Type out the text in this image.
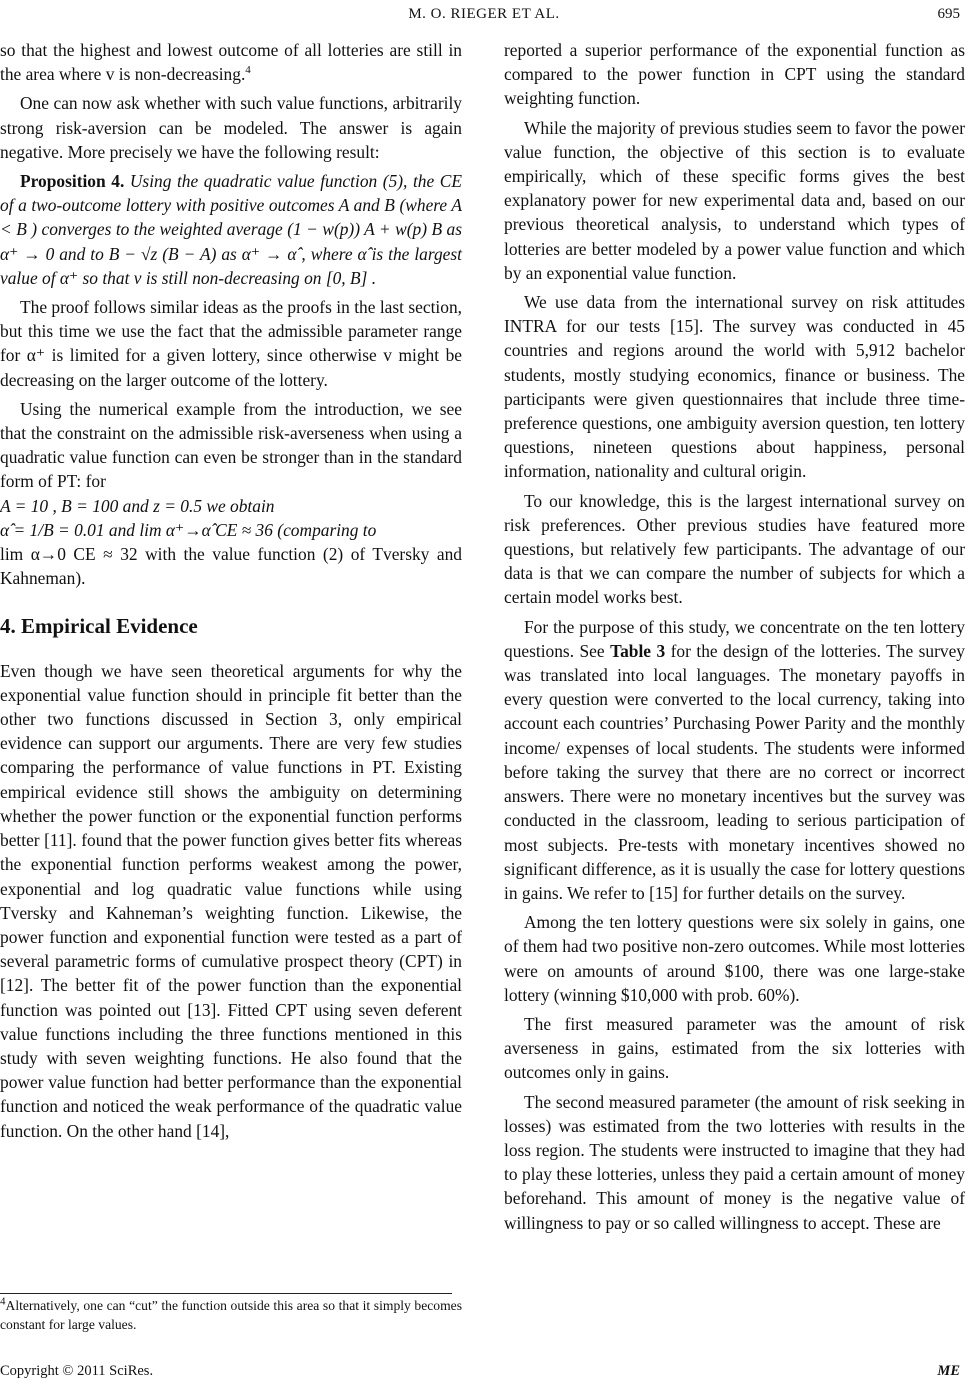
M. O. RIEGER ET AL.	695

so that the highest and lowest outcome of all lotteries are still in the area where v is non-decreasing.$^4$

One can now ask whether with such value functions, arbitrarily strong risk-aversion can be modeled. The answer is again negative. More precisely we have the following result:

Proposition 4. Using the quadratic value function (5), the CE of a two-outcome lottery with positive outcomes A and B (where A < B ) converges to the weighted average (1 − w(p)) A + w(p) B as α⁺ → 0 and to B − √z (B − A) as α⁺ → α̂ , where α̂ is the largest value of α⁺ so that v is still non-decreasing on [0, B] .

The proof follows similar ideas as the proofs in the last section, but this time we use the fact that the admissible parameter range for α⁺ is limited for a given lottery, since otherwise v might be decreasing on the larger outcome of the lottery.

Using the numerical example from the introduction, we see that the constraint on the admissible risk-averseness when using a quadratic value function can even be stronger than in the standard form of PT: for

A = 10 , B = 100 and z = 0.5 we obtain

α̂ = 1/B = 0.01 and lim α⁺→α̂ CE ≈ 36 (comparing to

lim α→0 CE ≈ 32 with the value function (2) of Tversky and Kahneman).

4. Empirical Evidence

Even though we have seen theoretical arguments for why the exponential value function should in principle fit better than the other two functions discussed in Section 3, only empirical evidence can support our arguments. There are very few studies comparing the performance of value functions in PT. Existing empirical evidence still shows the ambiguity on determining whether the power function or the exponential function performs better [11]. found that the power function gives better fits whereas the exponential function performs weakest among the power, exponential and log quadratic value functions while using Tversky and Kahneman’s weighting function. Likewise, the power function and exponential function were tested as a part of several parametric forms of cumulative prospect theory (CPT) in [12]. The better fit of the power function than the exponential function was pointed out [13]. Fitted CPT using seven deferent value functions including the three functions mentioned in this study with seven weighting functions. He also found that the power value function had better performance than the exponential function and noticed the weak performance of the quadratic value function. On the other hand [14],

$^4$Alternatively, one can “cut” the function outside this area so that it simply becomes constant for large values.

reported a superior performance of the exponential function as compared to the power function in CPT using the standard weighting function.

While the majority of previous studies seem to favor the power value function, the objective of this section is to evaluate empirically, which of these specific forms gives the best explanatory power for new experimental data and, based on our previous theoretical analysis, to understand which types of lotteries are better modeled by a power value function and which by an exponential value function.

We use data from the international survey on risk attitudes INTRA for our tests [15]. The survey was conducted in 45 countries and regions around the world with 5,912 bachelor students, mostly studying economics, finance or business. The participants were given questionnaires that include three time-preference questions, one ambiguity aversion question, ten lottery questions, nineteen questions about happiness, personal information, nationality and cultural origin.

To our knowledge, this is the largest international survey on risk preferences. Other previous studies have featured more questions, but relatively few participants. The advantage of our data is that we can compare the number of subjects for which a certain model works best.

For the purpose of this study, we concentrate on the ten lottery questions. See Table 3 for the design of the lotteries. The survey was translated into local languages. The monetary payoffs in every question were converted to the local currency, taking into account each countries’ Purchasing Power Parity and the monthly income/ expenses of local students. The students were informed before taking the survey that there are no correct or incorrect answers. There were no monetary incentives but the survey was conducted in the classroom, leading to serious participation of most subjects. Pre-tests with monetary incentives showed no significant difference, as it is usually the case for lottery questions in gains. We refer to [15] for further details on the survey.

Among the ten lottery questions were six solely in gains, one of them had two positive non-zero outcomes. While most lotteries were on amounts of around $100, there was one large-stake lottery (winning $10,000 with prob. 60%).

The first measured parameter was the amount of risk averseness in gains, estimated from the six lotteries with outcomes only in gains.

The second measured parameter (the amount of risk seeking in losses) was estimated from the two lotteries with results in the loss region. The students were instructed to imagine that they had to play these lotteries, unless they paid a certain amount of money beforehand. This amount of money is the negative value of willingness to pay or so called willingness to accept. These are

Copyright © 2011 SciRes.	ME
